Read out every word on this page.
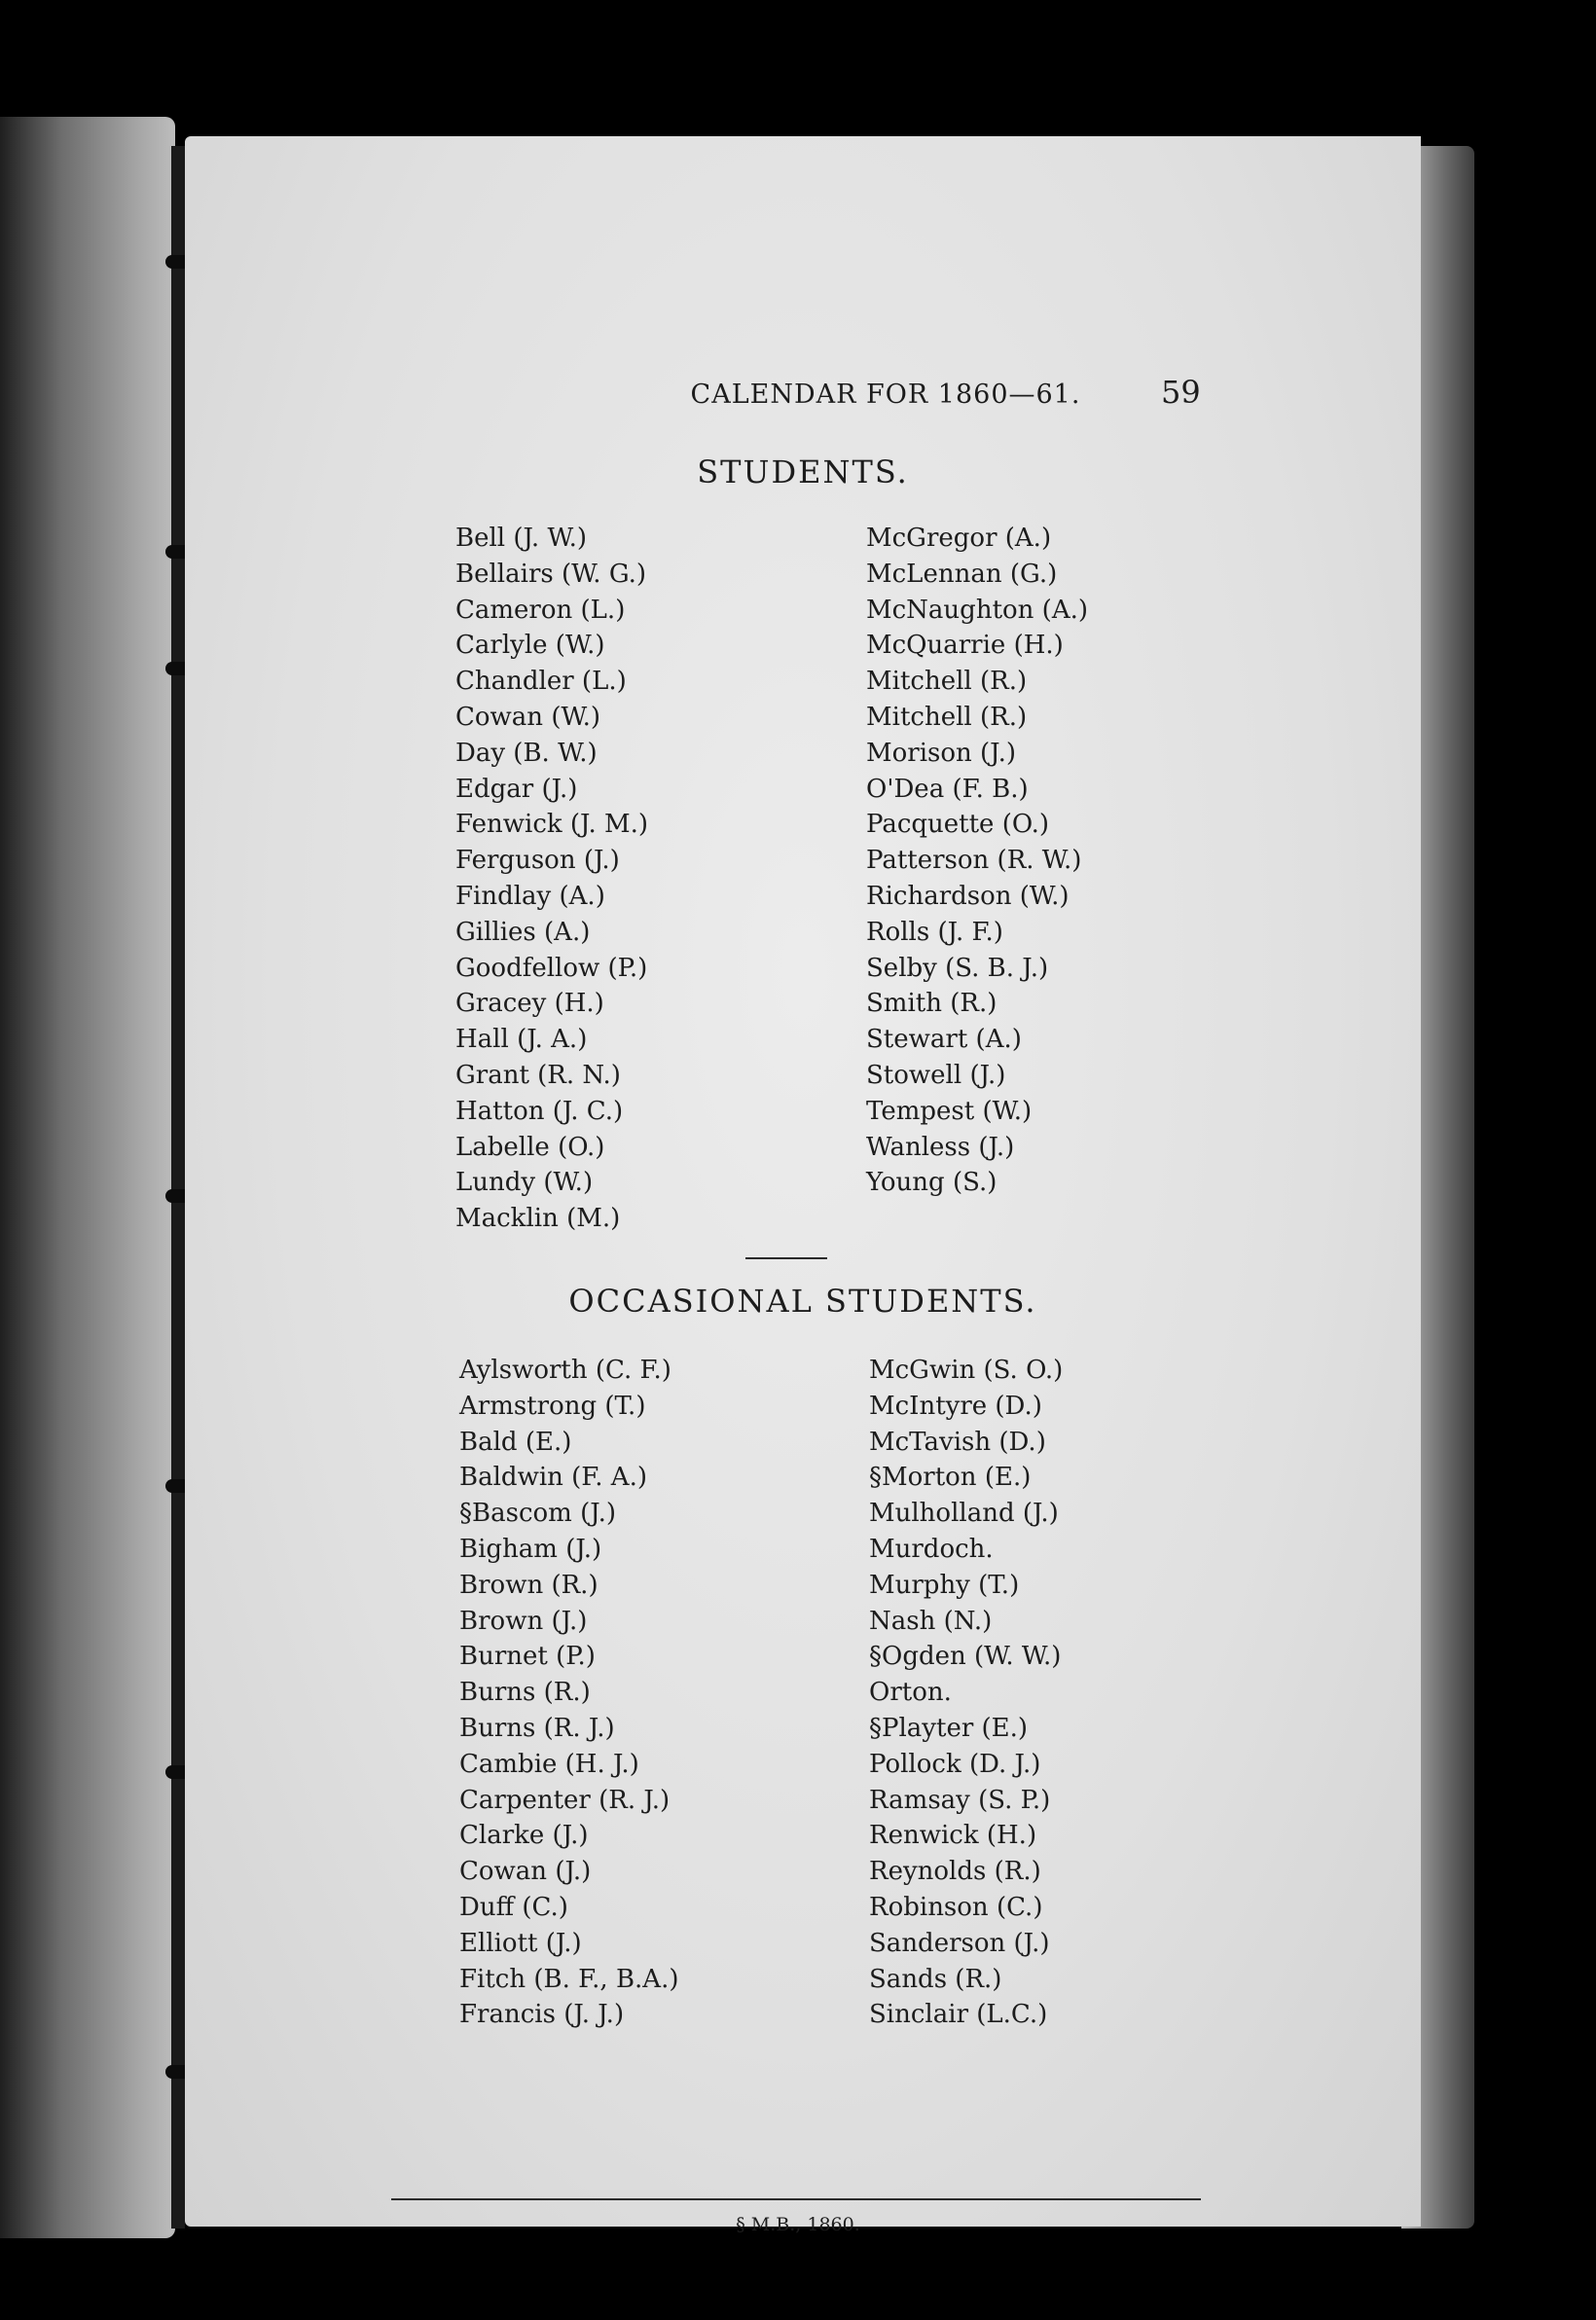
CALENDAR FOR 1860—61.	59
STUDENTS.
Bell (J. W.)
Bellairs (W. G.)
Cameron (L.)
Carlyle (W.)
Chandler (L.)
Cowan (W.)
Day (B. W.)
Edgar (J.)
Fenwick (J. M.)
Ferguson (J.)
Findlay (A.)
Gillies (A.)
Goodfellow (P.)
Gracey (H.)
Hall (J. A.)
Grant (R. N.)
Hatton (J. C.)
Labelle (O.)
Lundy (W.)
Macklin (M.)
McGregor (A.)
McLennan (G.)
McNaughton (A.)
McQuarrie (H.)
Mitchell (R.)
Mitchell (R.)
Morison (J.)
O'Dea (F. B.)
Pacquette (O.)
Patterson (R. W.)
Richardson (W.)
Rolls (J. F.)
Selby (S. B. J.)
Smith (R.)
Stewart (A.)
Stowell (J.)
Tempest (W.)
Wanless (J.)
Young (S.)
OCCASIONAL STUDENTS.
Aylsworth (C. F.)
Armstrong (T.)
Bald (E.)
Baldwin (F. A.)
§Bascom (J.)
Bigham (J.)
Brown (R.)
Brown (J.)
Burnet (P.)
Burns (R.)
Burns (R. J.)
Cambie (H. J.)
Carpenter (R. J.)
Clarke (J.)
Cowan (J.)
Duff (C.)
Elliott (J.)
Fitch (B. F., B.A.)
Francis (J. J.)
McGwin (S. O.)
McIntyre (D.)
McTavish (D.)
§Morton (E.)
Mulholland (J.)
Murdoch.
Murphy (T.)
Nash (N.)
§Ogden (W. W.)
Orton.
§Playter (E.)
Pollock (D. J.)
Ramsay (S. P.)
Renwick (H.)
Reynolds (R.)
Robinson (C.)
Sanderson (J.)
Sands (R.)
Sinclair (L.C.)
§ M.B., 1860.
